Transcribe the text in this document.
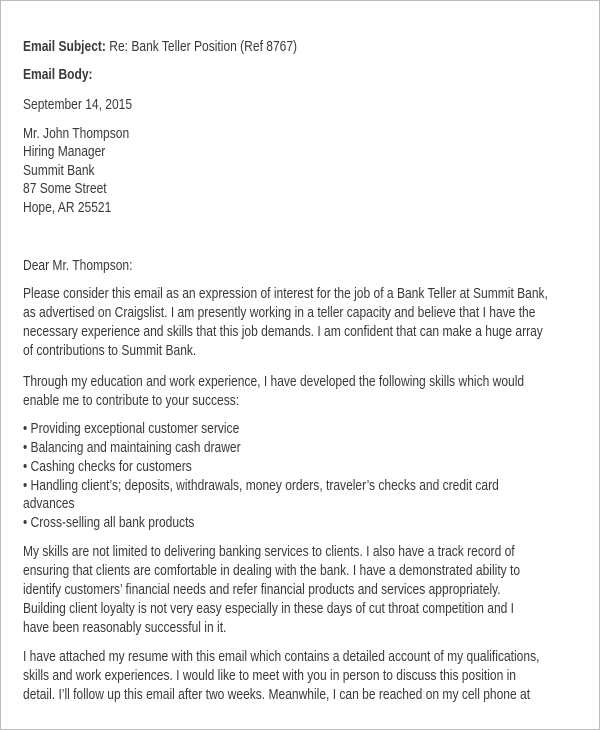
Email Subject: Re: Bank Teller Position (Ref 8767)
Email Body:
September 14, 2015
Mr. John Thompson
Hiring Manager
Summit Bank
87 Some Street
Hope, AR 25521
Dear Mr. Thompson:
Please consider this email as an expression of interest for the job of a Bank Teller at Summit Bank,
as advertised on Craigslist. I am presently working in a teller capacity and believe that I have the
necessary experience and skills that this job demands. I am confident that can make a huge array
of contributions to Summit Bank.
Through my education and work experience, I have developed the following skills which would
enable me to contribute to your success:
• Providing exceptional customer service
• Balancing and maintaining cash drawer
• Cashing checks for customers
• Handling client’s; deposits, withdrawals, money orders, traveler’s checks and credit card
advances
• Cross-selling all bank products
My skills are not limited to delivering banking services to clients. I also have a track record of
ensuring that clients are comfortable in dealing with the bank. I have a demonstrated ability to
identify customers’ financial needs and refer financial products and services appropriately.
Building client loyalty is not very easy especially in these days of cut throat competition and I
have been reasonably successful in it.
I have attached my resume with this email which contains a detailed account of my qualifications,
skills and work experiences. I would like to meet with you in person to discuss this position in
detail. I’ll follow up this email after two weeks. Meanwhile, I can be reached on my cell phone at
